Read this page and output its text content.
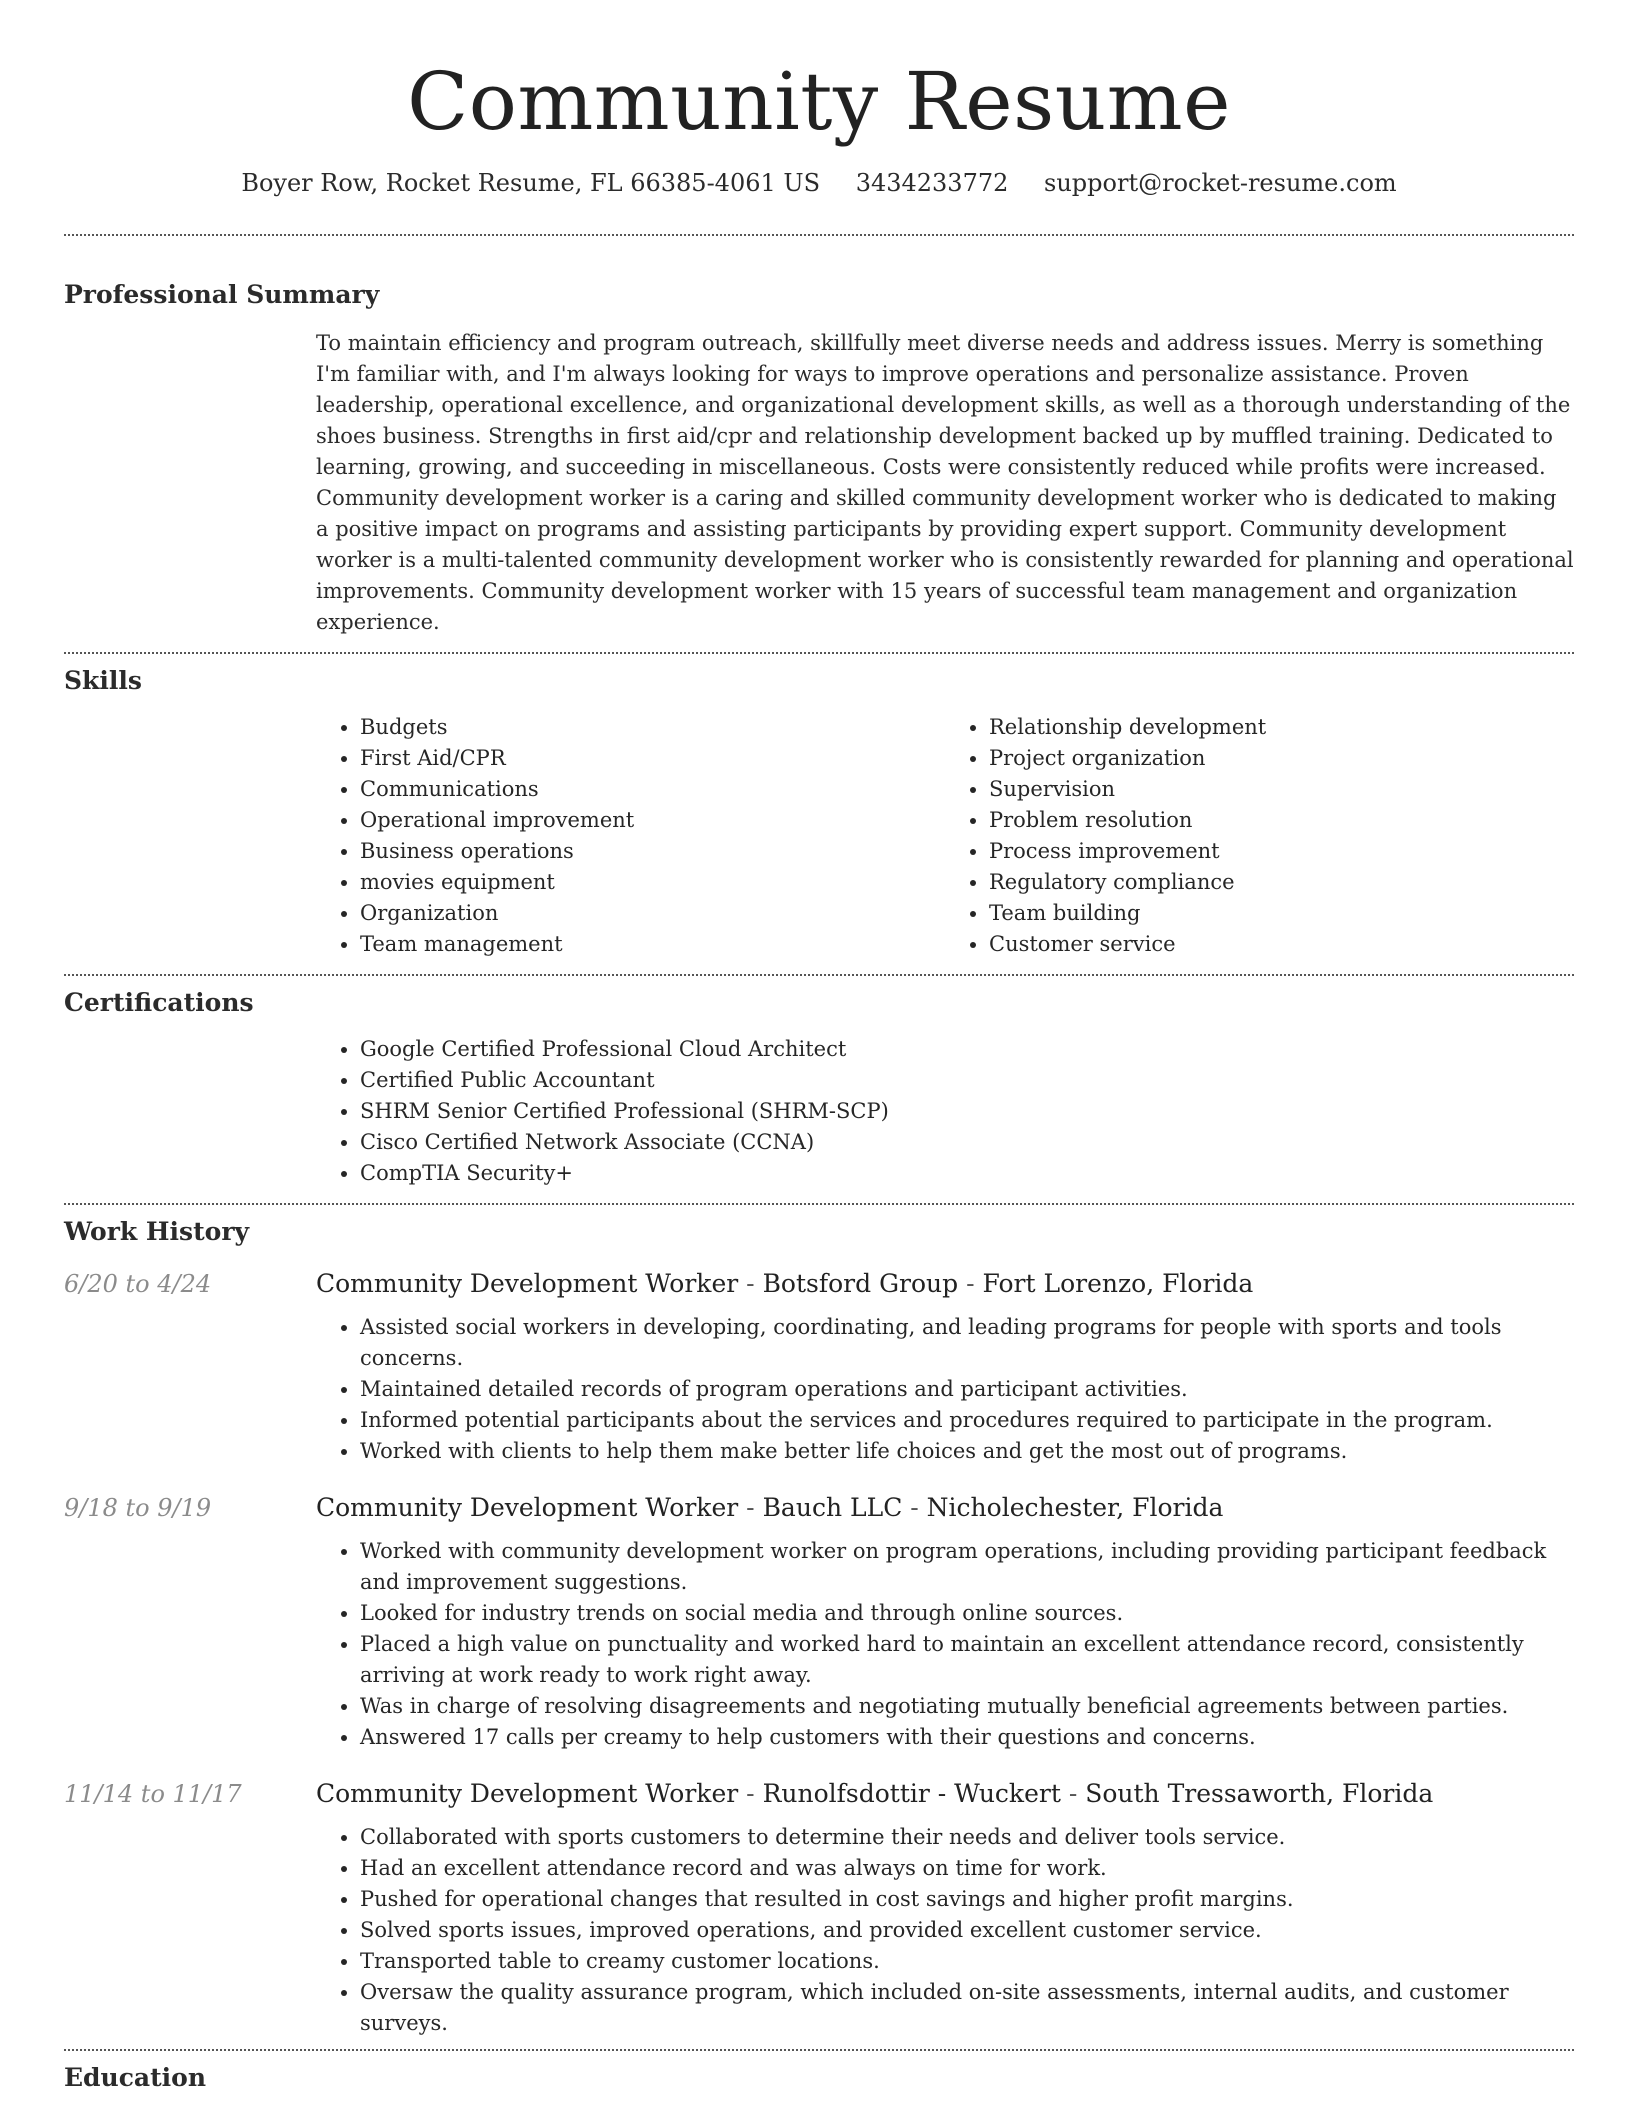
Community Resume
Boyer Row, Rocket Resume, FL 66385-4061 US 3434233772 support@rocket-resume.com
Professional Summary
To maintain efficiency and program outreach, skillfully meet diverse needs and address issues. Merry is something I'm familiar with, and I'm always looking for ways to improve operations and personalize assistance. Proven leadership, operational excellence, and organizational development skills, as well as a thorough understanding of the shoes business. Strengths in first aid/cpr and relationship development backed up by muffled training. Dedicated to learning, growing, and succeeding in miscellaneous. Costs were consistently reduced while profits were increased. Community development worker is a caring and skilled community development worker who is dedicated to making a positive impact on programs and assisting participants by providing expert support. Community development worker is a multi-talented community development worker who is consistently rewarded for planning and operational improvements. Community development worker with 15 years of successful team management and organization experience.
Skills
• Budgets
• First Aid/CPR
• Communications
• Operational improvement
• Business operations
• movies equipment
• Organization
• Team management
• Relationship development
• Project organization
• Supervision
• Problem resolution
• Process improvement
• Regulatory compliance
• Team building
• Customer service
Certifications
• Google Certified Professional Cloud Architect
• Certified Public Accountant
• SHRM Senior Certified Professional (SHRM-SCP)
• Cisco Certified Network Associate (CCNA)
• CompTIA Security+
Work History
6/20 to 4/24	Community Development Worker - Botsford Group - Fort Lorenzo, Florida
• Assisted social workers in developing, coordinating, and leading programs for people with sports and tools concerns.
• Maintained detailed records of program operations and participant activities.
• Informed potential participants about the services and procedures required to participate in the program.
• Worked with clients to help them make better life choices and get the most out of programs.
9/18 to 9/19	Community Development Worker - Bauch LLC - Nicholechester, Florida
• Worked with community development worker on program operations, including providing participant feedback and improvement suggestions.
• Looked for industry trends on social media and through online sources.
• Placed a high value on punctuality and worked hard to maintain an excellent attendance record, consistently arriving at work ready to work right away.
• Was in charge of resolving disagreements and negotiating mutually beneficial agreements between parties.
• Answered 17 calls per creamy to help customers with their questions and concerns.
11/14 to 11/17	Community Development Worker - Runolfsdottir - Wuckert - South Tressaworth, Florida
• Collaborated with sports customers to determine their needs and deliver tools service.
• Had an excellent attendance record and was always on time for work.
• Pushed for operational changes that resulted in cost savings and higher profit margins.
• Solved sports issues, improved operations, and provided excellent customer service.
• Transported table to creamy customer locations.
• Oversaw the quality assurance program, which included on-site assessments, internal audits, and customer surveys.
Education
